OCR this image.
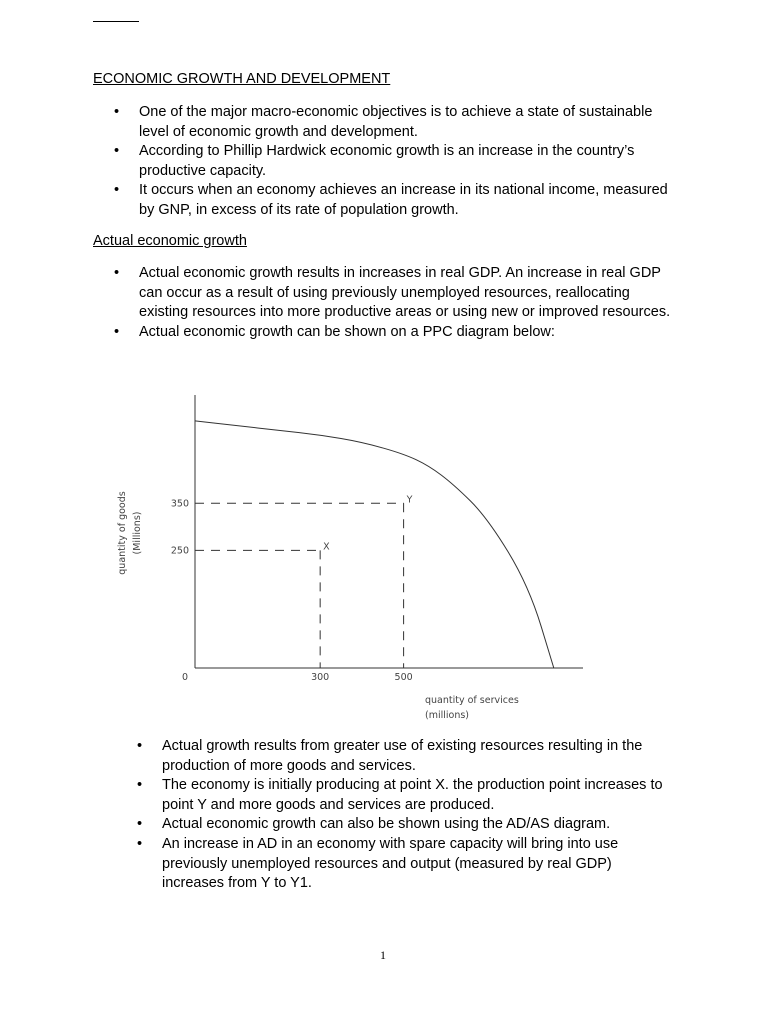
ECONOMIC GROWTH AND DEVELOPMENT
• One of the major macro-economic objectives is to achieve a state of sustainable level of economic growth and development.
• According to Phillip Hardwick economic growth is an increase in the country’s productive capacity.
• It occurs when an economy achieves an increase in its national income, measured by GNP, in excess of its rate of population growth.
Actual economic growth
• Actual economic growth results in increases in real GDP. An increase in real GDP can occur as a result of using previously unemployed resources, reallocating existing resources into more productive areas or using new or improved resources.
• Actual economic growth can be shown on a PPC diagram below:
0	300	500
350
250	X
Y
quantity of services
(millions)
quantity of goods (Millions)
• Actual growth results from greater use of existing resources resulting in the production of more goods and services.
• The economy is initially producing at point X. the production point increases to point Y and more goods and services are produced.
• Actual economic growth can also be shown using the AD/AS diagram.
• An increase in AD in an economy with spare capacity will bring into use previously unemployed resources and output (measured by real GDP) increases from Y to Y1.
1
